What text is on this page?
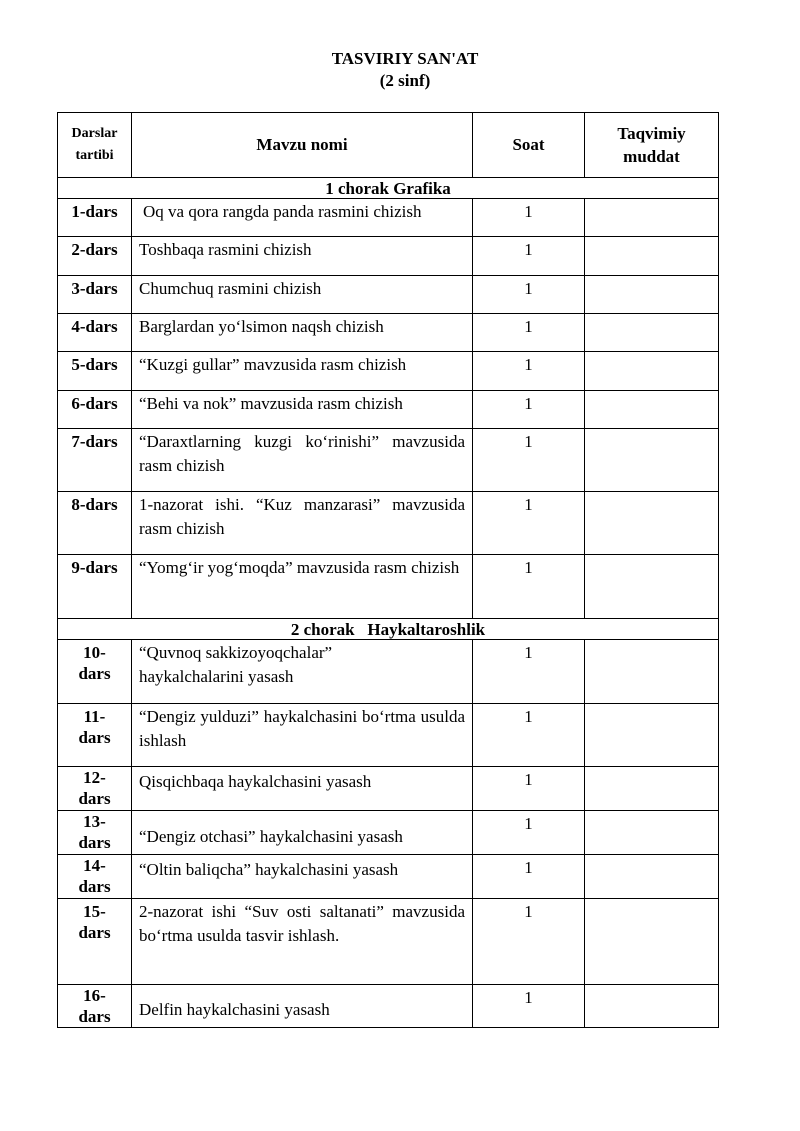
TASVIRIY SAN'AT
(2 sinf)
Darslar tartibi	Mavzu nomi	Soat	Taqvimiy muddat
1 chorak Grafika			
1-dars	Oq va qora rangda panda rasmini chizish	1	
2-dars	Toshbaqa rasmini chizish	1	
3-dars	Chumchuq rasmini chizish	1	
4-dars	Barglardan yo‘lsimon naqsh chizish	1	
5-dars	“Kuzgi gullar” mavzusida rasm chizish	1	
6-dars	“Behi va nok” mavzusida rasm chizish	1	
7-dars	“Daraxtlarning kuzgi ko‘rinishi” mavzusida rasm chizish	1	
8-dars	1-nazorat ishi. “Kuz manzarasi” mavzusida rasm chizish	1	
9-dars	“Yomg‘ir yog‘moqda” mavzusida rasm chizish	1	
2 chorak   Haykaltaroshlik			
10-dars	“Quvnoq sakkizoyoqchalar” haykalchalarini yasash	1	
11-dars	“Dengiz yulduzi” haykalchasini bo‘rtma usulda ishlash	1	
12-dars	Qisqichbaqa haykalchasini yasash	1	
13-dars	“Dengiz otchasi” haykalchasini yasash	1	
14-dars	“Oltin baliqcha” haykalchasini yasash	1	
15-dars	2-nazorat ishi “Suv osti saltanati” mavzusida bo‘rtma usulda tasvir ishlash.	1	
16-dars	Delfin haykalchasini yasash	1	
